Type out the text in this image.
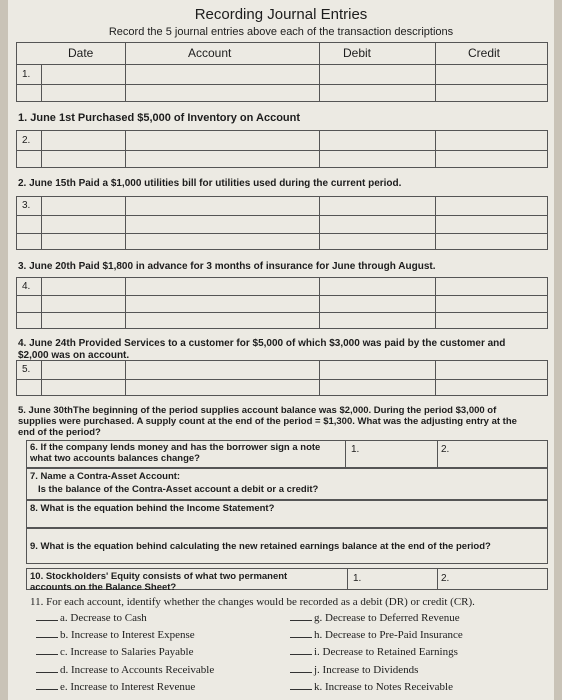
Recording Journal Entries
Record the 5 journal entries above each of the transaction descriptions
Date	Account	Debit	Credit
1.
1. June 1st Purchased $5,000 of Inventory on Account
2.
2. June 15th Paid a $1,000 utilities bill for utilities used during the current period.
3.
3. June 20th Paid $1,800 in advance for 3 months of insurance for June through August.
4.
4. June 24th Provided Services to a customer for $5,000 of which $3,000 was paid by the customer and $2,000 was on account.
5.
5. June 30thThe beginning of the period supplies account balance was $2,000. During the period $3,000 of supplies were purchased. A supply count at the end of the period = $1,300. What was the adjusting entry at the end of the period?
6. If the company lends money and has the borrower sign a note what two accounts balances change?
1.	2.
7. Name a Contra-Asset Account:
Is the balance of the Contra-Asset account a debit or a credit?
8. What is the equation behind the Income Statement?
9. What is the equation behind calculating the new retained earnings balance at the end of the period?
10. Stockholders' Equity consists of what two permanent accounts on the Balance Sheet?
1.	2.
11. For each account, identify whether the changes would be recorded as a debit (DR) or credit (CR).
a. Decrease to Cash
b. Increase to Interest Expense
c. Increase to Salaries Payable
d. Increase to Accounts Receivable
e. Increase to Interest Revenue
g. Decrease to Deferred Revenue
h. Decrease to Pre-Paid Insurance
i. Decrease to Retained Earnings
j. Increase to Dividends
k. Increase to Notes Receivable
